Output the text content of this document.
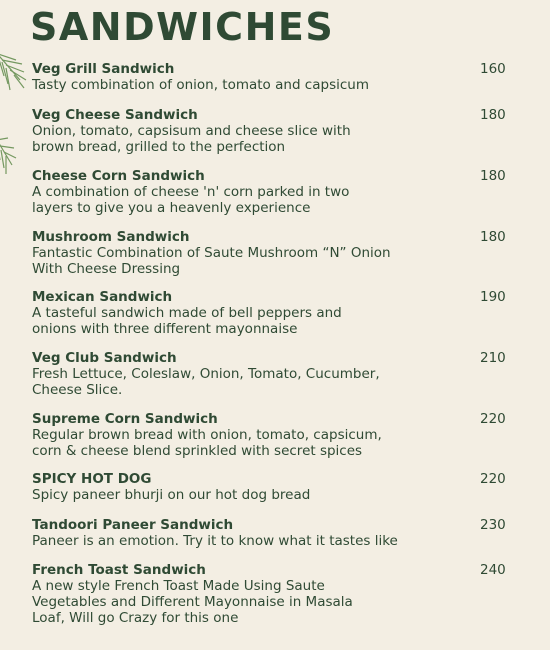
SANDWICHES
Veg Grill Sandwich
Tasty combination of onion, tomato and capsicum
160
Veg Cheese Sandwich
Onion, tomato, capsisum and cheese slice with
brown bread, grilled to the perfection
180
Cheese Corn Sandwich
A combination of cheese 'n' corn parked in two
layers to give you a heavenly experience
180
Mushroom Sandwich
Fantastic Combination of Saute Mushroom “N” Onion
With Cheese Dressing
180
Mexican Sandwich
A tasteful sandwich made of bell peppers and
onions with three different mayonnaise
190
Veg Club Sandwich
Fresh Lettuce, Coleslaw, Onion, Tomato, Cucumber,
Cheese Slice.
210
Supreme Corn Sandwich
Regular brown bread with onion, tomato, capsicum,
corn & cheese blend sprinkled with secret spices
220
SPICY HOT DOG
Spicy paneer bhurji on our hot dog bread
220
Tandoori Paneer Sandwich
Paneer is an emotion. Try it to know what it tastes like
230
French Toast Sandwich
A new style French Toast Made Using Saute
Vegetables and Different Mayonnaise in Masala
Loaf, Will go Crazy for this one
240
